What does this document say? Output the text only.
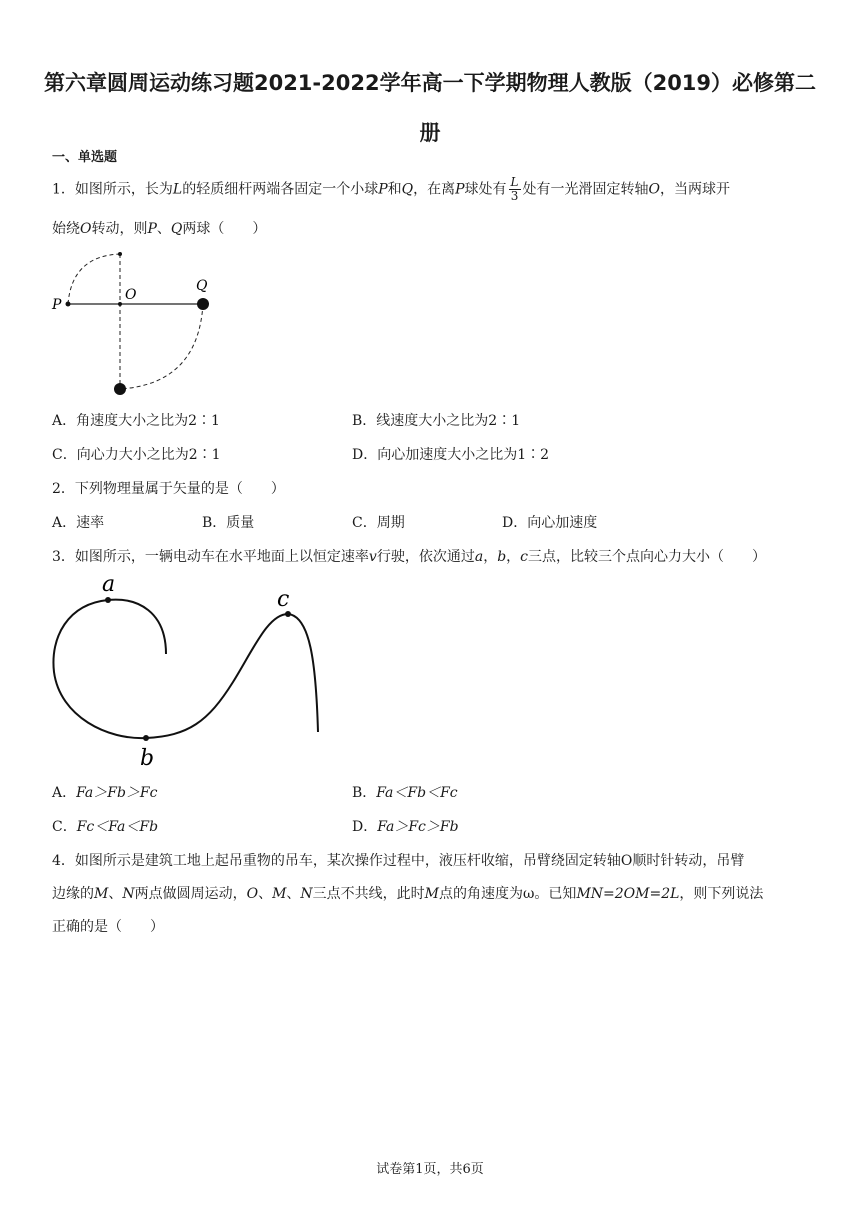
第六章圆周运动练习题2021-2022学年高一下学期物理人教版（2019）必修第二册
一、单选题
1．如图所示，长为L的轻质细杆两端各固定一个小球P和Q，在离P球处有 $\frac{L}{3}$ 处有一光滑固定转轴O，当两球开
始绕O转动，则P、Q两球（　　）
P
O
Q
A．角速度大小之比为2∶1	B．线速度大小之比为2∶1
C．向心力大小之比为2∶1	D．向心加速度大小之比为1∶2
2．下列物理量属于矢量的是（　　）
A．速率	B．质量	C．周期	D．向心加速度
3．如图所示，一辆电动车在水平地面上以恒定速率v行驶，依次通过a，b，c三点，比较三个点向心力大小（　　）
a
b
c
A．Fa＞Fb＞Fc	B．Fa＜Fb＜Fc
C．Fc＜Fa＜Fb	D．Fa＞Fc＞Fb
4．如图所示是建筑工地上起吊重物的吊车，某次操作过程中，液压杆收缩，吊臂绕固定转轴O顺时针转动，吊臂
边缘的M、N两点做圆周运动，O、M、N三点不共线，此时M点的角速度为ω。已知MN=2OM=2L，则下列说法
正确的是（　　）
试卷第1页，共6页
